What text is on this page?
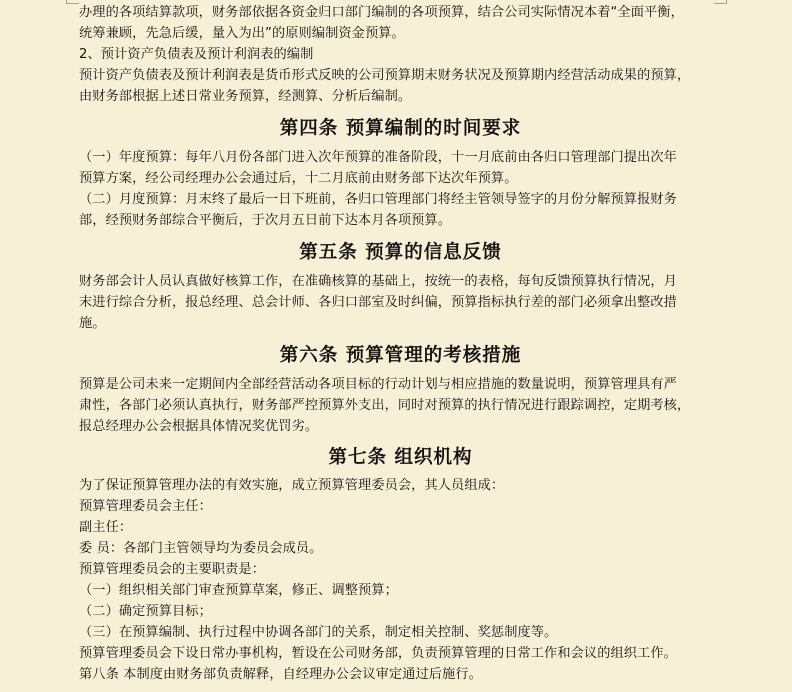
办理的各项结算款项，财务部依据各资金归口部门编制的各项预算，结合公司实际情况本着“全面平衡，

统筹兼顾，先急后缓，量入为出”的原则编制资金预算。

2、预计资产负债表及预计利润表的编制

预计资产负债表及预计利润表是货币形式反映的公司预算期末财务状况及预算期内经营活动成果的预算，

由财务部根据上述日常业务预算，经测算、分析后编制。

第四条 预算编制的时间要求

（一）年度预算：每年八月份各部门进入次年预算的准备阶段，十一月底前由各归口管理部门提出次年

预算方案，经公司经理办公会通过后，十二月底前由财务部下达次年预算。

（二）月度预算：月末终了最后一日下班前，各归口管理部门将经主管领导签字的月份分解预算报财务

部，经预财务部综合平衡后，于次月五日前下达本月各项预算。

第五条 预算的信息反馈

财务部会计人员认真做好核算工作，在准确核算的基础上，按统一的表格，每旬反馈预算执行情况，月

末进行综合分析，报总经理、总会计师、各归口部室及时纠偏，预算指标执行差的部门必须拿出整改措

施。

第六条 预算管理的考核措施

预算是公司未来一定期间内全部经营活动各项目标的行动计划与相应措施的数量说明，预算管理具有严

肃性，各部门必须认真执行，财务部严控预算外支出，同时对预算的执行情况进行跟踪调控，定期考核，

报总经理办公会根据具体情况奖优罚劣。

第七条 组织机构

为了保证预算管理办法的有效实施，成立预算管理委员会，其人员组成：

预算管理委员会主任：

副主任：

委 员：各部门主管领导均为委员会成员。

预算管理委员会的主要职责是：

（一）组织相关部门审查预算草案，修正、调整预算；

（二）确定预算目标；

（三）在预算编制、执行过程中协调各部门的关系，制定相关控制、奖惩制度等。

预算管理委员会下设日常办事机构，暂设在公司财务部，负责预算管理的日常工作和会议的组织工作。

第八条 本制度由财务部负责解释，自经理办公会议审定通过后施行。
